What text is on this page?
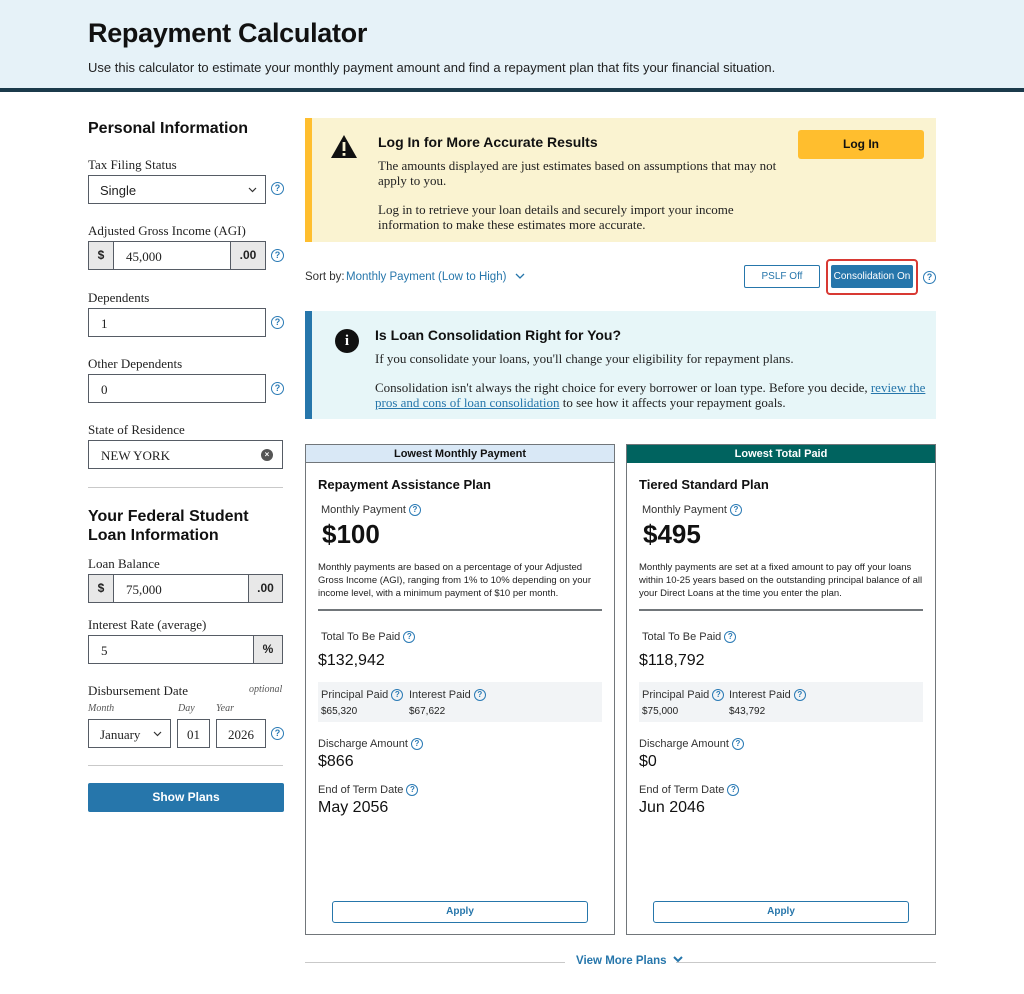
Repayment Calculator

Use this calculator to estimate your monthly payment amount and find a repayment plan that fits your financial situation.

Personal Information
Tax Filing Status
Single	?
Adjusted Gross Income (AGI)
$	45,000	.00	?
Dependents
1	?
Other Dependents
0	?
State of Residence
NEW YORK	×
Your Federal Student Loan Information
Loan Balance
$	75,000	.00
Interest Rate (average)
5	%
Disbursement Date	optional
Month	Day Year
January	01 2026	?
Show Plans
Log In for More Accurate Results
The amounts displayed are just estimates based on assumptions that may not apply to you.
Log in to retrieve your loan details and securely import your income information to make these estimates more accurate.
Log In
Sort by: Monthly Payment (Low to High)	PSLF Off	Consolidation On	?
i	Is Loan Consolidation Right for You?
If you consolidate your loans, you'll change your eligibility for repayment plans.
Consolidation isn't always the right choice for every borrower or loan type. Before you decide, review the pros and cons of loan consolidation to see how it affects your repayment goals.
Lowest Monthly Payment
Repayment Assistance Plan
Monthly Payment ?
$100
Monthly payments are based on a percentage of your Adjusted Gross Income (AGI), ranging from 1% to 10% depending on your income level, with a minimum payment of $10 per month.
Total To Be Paid ?
$132,942
Principal Paid ?
$65,320
Interest Paid ?
$67,622
Discharge Amount ?
$866
End of Term Date ?
May 2056
Apply
Lowest Total Paid
Tiered Standard Plan
Monthly Payment ?
$495
Monthly payments are set at a fixed amount to pay off your loans within 10-25 years based on the outstanding principal balance of all your Direct Loans at the time you enter the plan.
Total To Be Paid ?
$118,792
Principal Paid ?
$75,000
Interest Paid ?
$43,792
Discharge Amount ?
$0
End of Term Date ?
Jun 2046
Apply
View More Plans
